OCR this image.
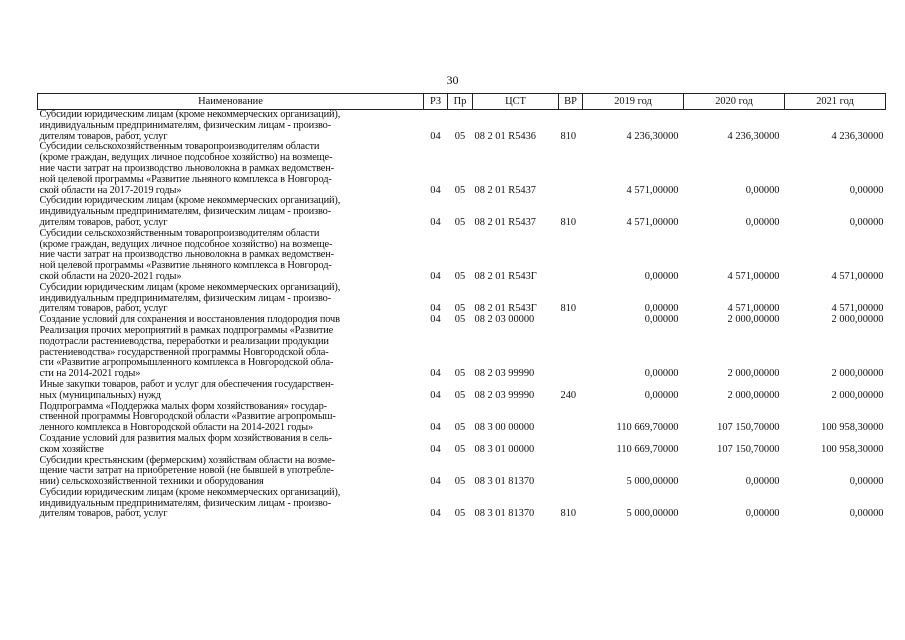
30
Наименование	РЗ	Пр	ЦСТ	ВР	2019 год	2020 год	2021 год

Субсидии юридическим лицам (кроме некоммерческих организаций),
индивидуальным предпринимателям, физическим лицам - произво-
дителям товаров, работ, услуг	04	05	08 2 01 R5436	810	4 236,30000	4 236,30000	4 236,30000

Субсидии сельскохозяйственным товаропроизводителям области
(кроме граждан, ведущих личное подсобное хозяйство) на возмеще-
ние части затрат на производство льноволокна в рамках ведомствен-
ной целевой программы «Развитие льняного комплекса в Новгород-
ской области на 2017-2019 годы»	04	05	08 2 01 R5437		4 571,00000	0,00000	0,00000

Субсидии юридическим лицам (кроме некоммерческих организаций),
индивидуальным предпринимателям, физическим лицам - произво-
дителям товаров, работ, услуг	04	05	08 2 01 R5437	810	4 571,00000	0,00000	0,00000

Субсидии сельскохозяйственным товаропроизводителям области
(кроме граждан, ведущих личное подсобное хозяйство) на возмеще-
ние части затрат на производство льноволокна в рамках ведомствен-
ной целевой программы «Развитие льняного комплекса в Новгород-
ской области на 2020-2021 годы»	04	05	08 2 01 R543Г		0,00000	4 571,00000	4 571,00000

Субсидии юридическим лицам (кроме некоммерческих организаций),
индивидуальным предпринимателям, физическим лицам - произво-
дителям товаров, работ, услуг	04	05	08 2 01 R543Г	810	0,00000	4 571,00000	4 571,00000

Создание условий для сохранения и восстановления плодородия почв	04	05	08 2 03 00000		0,00000	2 000,00000	2 000,00000

Реализация прочих мероприятий в рамках подпрограммы «Развитие
подотрасли растениеводства, переработки и реализации продукции
растениеводства» государственной программы Новгородской обла-
сти «Развитие агропромышленного комплекса в Новгородской обла-
сти на 2014-2021 годы»	04	05	08 2 03 99990		0,00000	2 000,00000	2 000,00000

Иные закупки товаров, работ и услуг для обеспечения государствен-
ных (муниципальных) нужд	04	05	08 2 03 99990	240	0,00000	2 000,00000	2 000,00000

Подпрограмма «Поддержка малых форм хозяйствования» государ-
ственной программы Новгородской области «Развитие агропромыш-
ленного комплекса в Новгородской области на 2014-2021 годы»	04	05	08 3 00 00000		110 669,70000	107 150,70000	100 958,30000

Создание условий для развития малых форм хозяйствования в сель-
ском хозяйстве	04	05	08 3 01 00000		110 669,70000	107 150,70000	100 958,30000

Субсидии крестьянским (фермерским) хозяйствам области на возме-
щение части затрат на приобретение новой (не бывшей в употребле-
нии) сельскохозяйственной техники и оборудования	04	05	08 3 01 81370		5 000,00000	0,00000	0,00000

Субсидии юридическим лицам (кроме некоммерческих организаций),
индивидуальным предпринимателям, физическим лицам - произво-
дителям товаров, работ, услуг	04	05	08 3 01 81370	810	5 000,00000	0,00000	0,00000
